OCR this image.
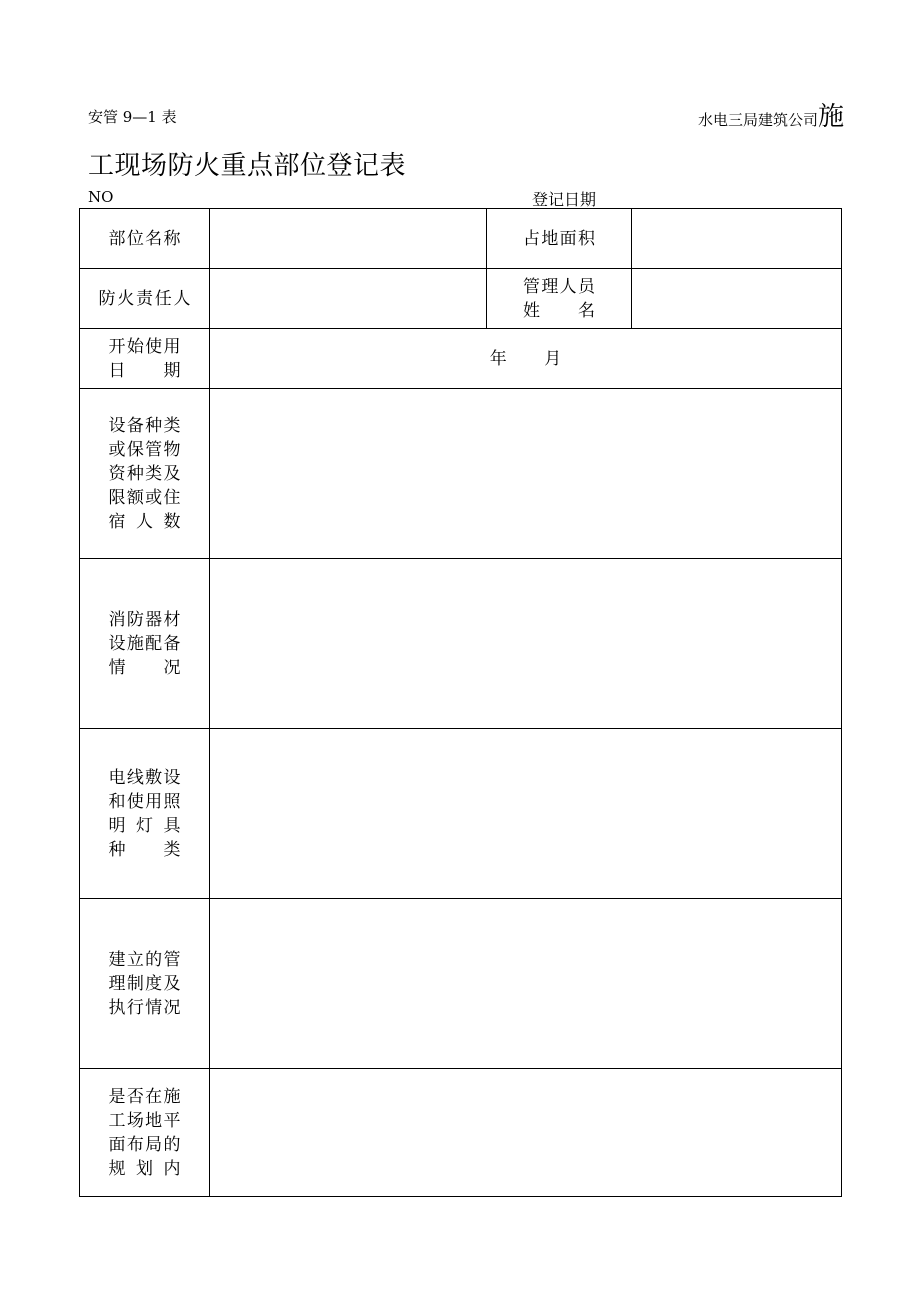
安管 9—1 表	水电三局建筑公司施
工现场防火重点部位登记表
NO	登记日期
部位名称		占地面积	

防火责任人		管理人员
姓　　名	

开始使用
日　　期	年 月		

设备种类
或保管物
资种类及
限额或住
宿 人 数			

消防器材
设施配备
情　　况			

电线敷设
和使用照
明 灯 具
种　　类			

建立的管
理制度及
执行情况			

是否在施
工场地平
面布局的
规 划 内			
